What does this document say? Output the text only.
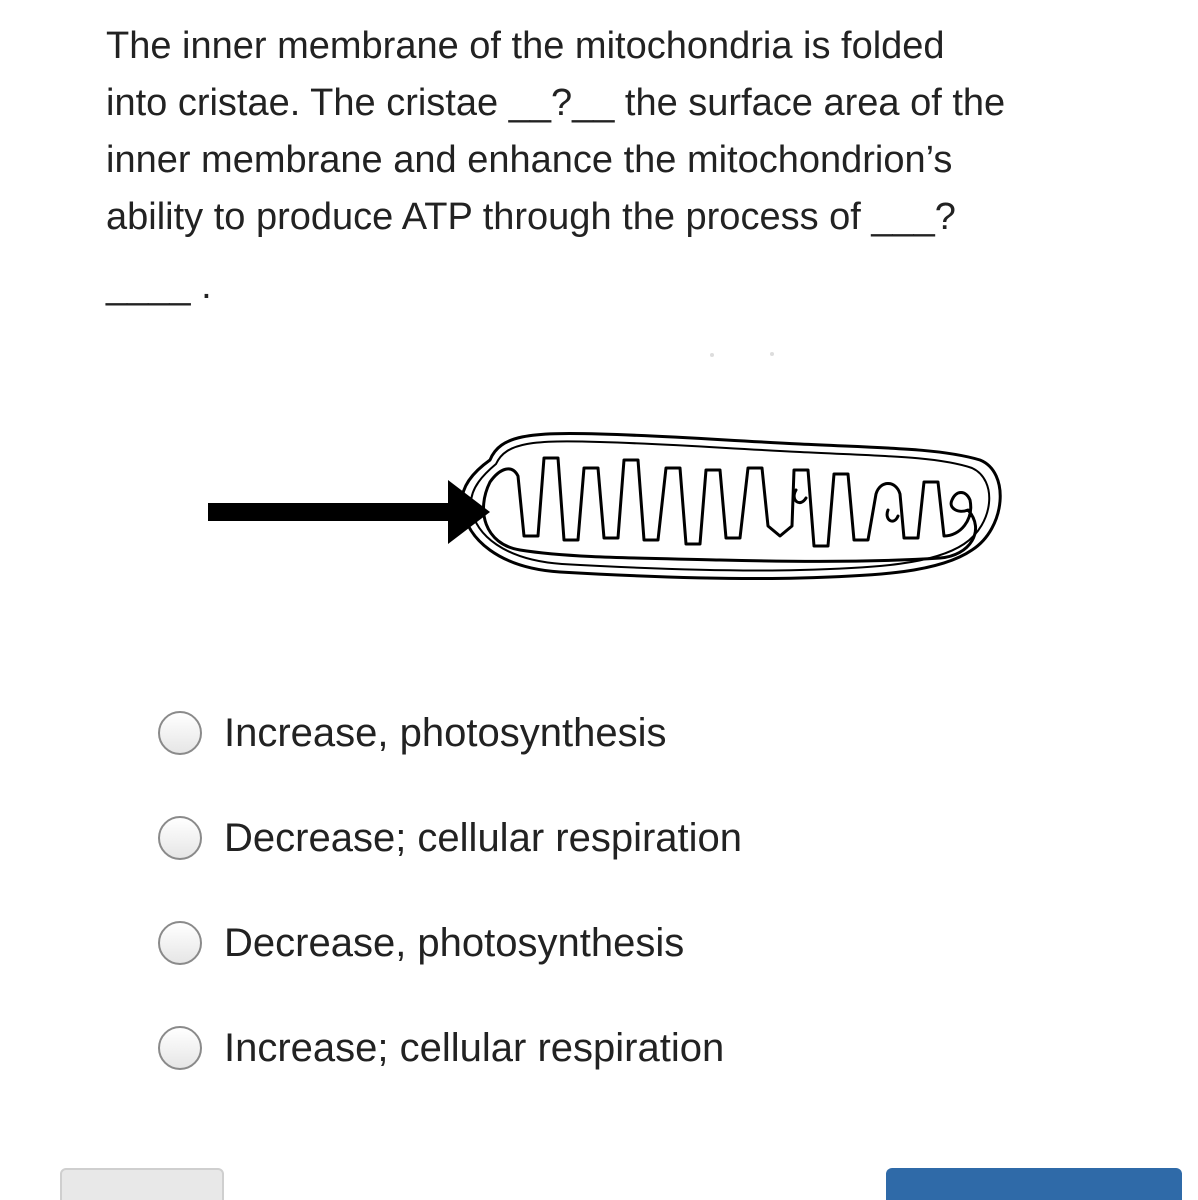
The inner membrane of the mitochondria is folded
into cristae. The cristae __?__ the surface area of the
inner membrane and enhance the mitochondrion’s
ability to produce ATP through the process of ___?

____ .
Increase, photosynthesis
Decrease; cellular respiration
Decrease, photosynthesis
Increase; cellular respiration
